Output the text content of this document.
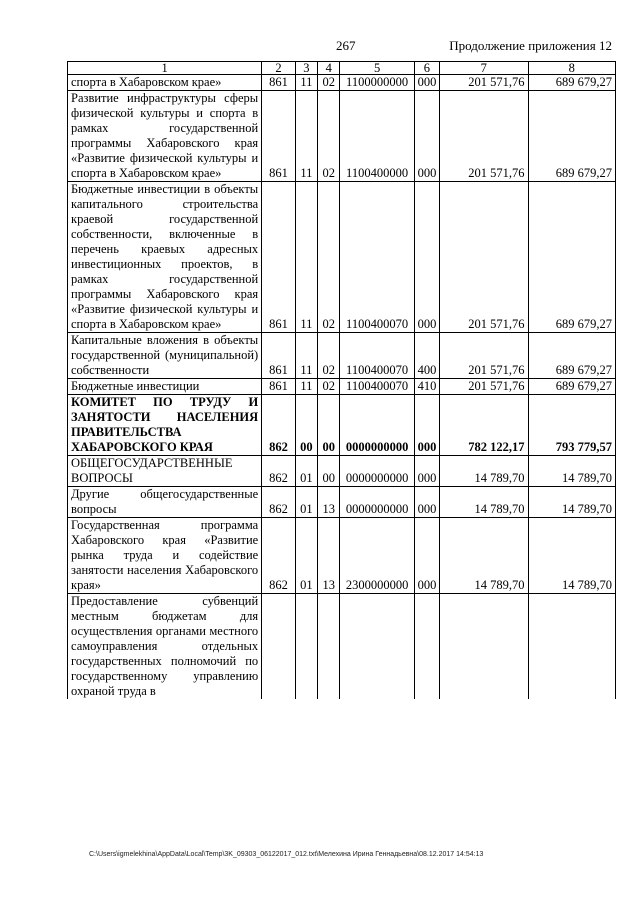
267	Продолжение приложения 12
1	2	3	4	5	6	7	8
спорта в Хабаровском крае»	861	11	02	1100000000	000	201 571,76	689 679,27
Развитие инфраструктуры сферы физической культуры и спорта в рамках государственной программы Хабаровского края «Развитие физической культуры и спорта в Хабаровском крае»	861	11	02	1100400000	000	201 571,76	689 679,27
Бюджетные инвестиции в объекты капитального строительства краевой государственной собственности, включенные в перечень краевых адресных инвестиционных проектов, в рамках государственной программы Хабаровского края «Развитие физической культуры и спорта в Хабаровском крае»	861	11	02	1100400070	000	201 571,76	689 679,27
Капитальные вложения в объекты государственной (муниципальной) собственности	861	11	02	1100400070	400	201 571,76	689 679,27
Бюджетные инвестиции	861	11	02	1100400070	410	201 571,76	689 679,27
КОМИТЕТ ПО ТРУДУ И ЗАНЯТОСТИ НАСЕЛЕНИЯ ПРАВИТЕЛЬСТВА ХАБАРОВСКОГО КРАЯ	862	00	00	0000000000	000	782 122,17	793 779,57
ОБЩЕГОСУДАРСТВЕННЫЕ ВОПРОСЫ	862	01	00	0000000000	000	14 789,70	14 789,70
Другие общегосударственные вопросы	862	01	13	0000000000	000	14 789,70	14 789,70
Государственная программа Хабаровского края «Развитие рынка труда и содействие занятости населения Хабаровского края»	862	01	13	2300000000	000	14 789,70	14 789,70
Предоставление субвенций местным бюджетам для осуществления органами местного самоуправления отдельных государственных полномочий по государственному управлению охраной труда в							
C:\Users\igmelekhina\AppData\Local\Temp\3K_09303_06122017_012.txt\Мелехина Ирина Геннадьевна\08.12.2017 14:54:13
